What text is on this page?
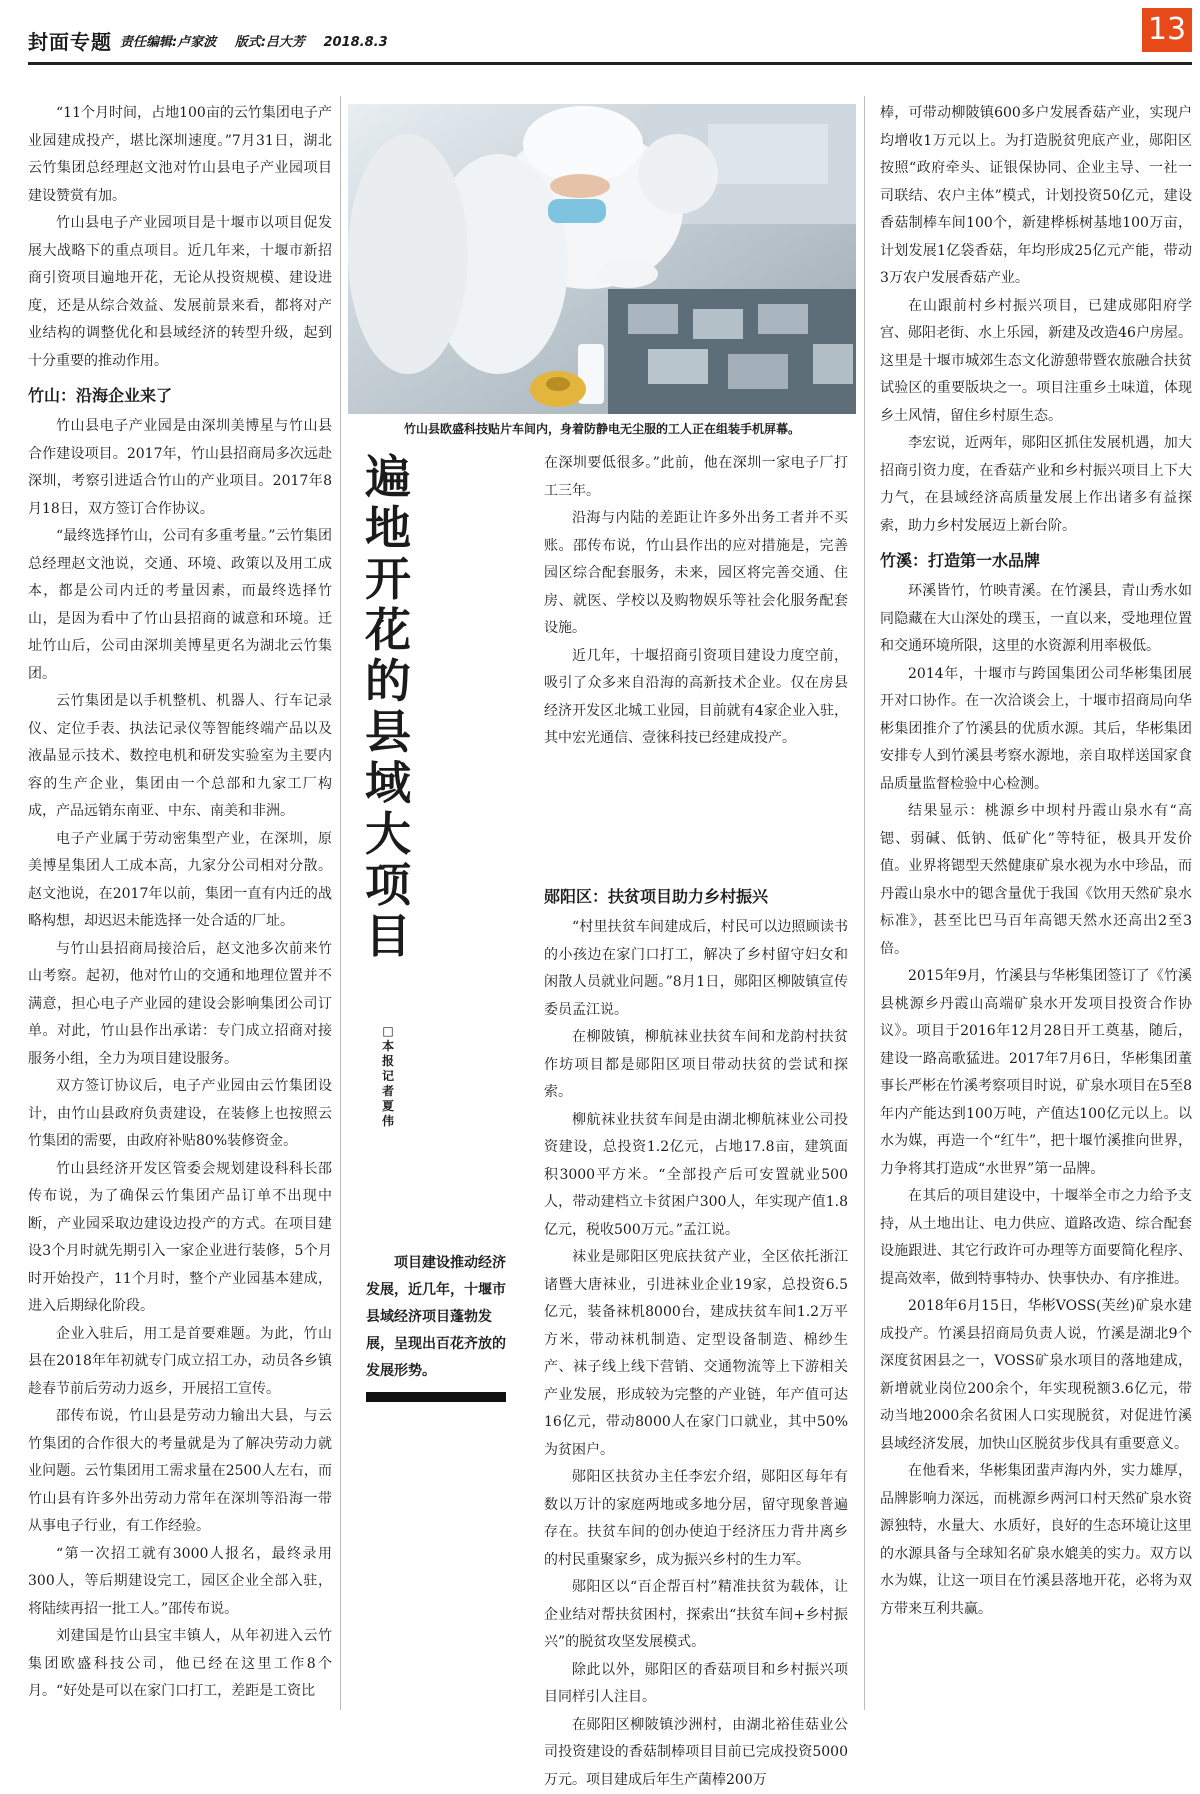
封面专题 责任编辑:卢家波 版式:吕大芳 2018.8.3	13

“11个月时间，占地100亩的云竹集团电子产业园建成投产，堪比深圳速度。”7月31日，湖北云竹集团总经理赵文池对竹山县电子产业园项目建设赞赏有加。

竹山县电子产业园项目是十堰市以项目促发展大战略下的重点项目。近几年来，十堰市新招商引资项目遍地开花，无论从投资规模、建设进度，还是从综合效益、发展前景来看，都将对产业结构的调整优化和县域经济的转型升级，起到十分重要的推动作用。

竹山：沿海企业来了

竹山县电子产业园是由深圳美博星与竹山县合作建设项目。2017年，竹山县招商局多次远赴深圳，考察引进适合竹山的产业项目。2017年8月18日，双方签订合作协议。

“最终选择竹山，公司有多重考量。”云竹集团总经理赵文池说，交通、环境、政策以及用工成本，都是公司内迁的考量因素，而最终选择竹山，是因为看中了竹山县招商的诚意和环境。迁址竹山后，公司由深圳美博星更名为湖北云竹集团。

云竹集团是以手机整机、机器人、行车记录仪、定位手表、执法记录仪等智能终端产品以及液晶显示技术、数控电机和研发实验室为主要内容的生产企业，集团由一个总部和九家工厂构成，产品远销东南亚、中东、南美和非洲。

电子产业属于劳动密集型产业，在深圳，原美博星集团人工成本高，九家分公司相对分散。赵文池说，在2017年以前，集团一直有内迁的战略构想，却迟迟未能选择一处合适的厂址。

与竹山县招商局接洽后，赵文池多次前来竹山考察。起初，他对竹山的交通和地理位置并不满意，担心电子产业园的建设会影响集团公司订单。对此，竹山县作出承诺：专门成立招商对接服务小组，全力为项目建设服务。

双方签订协议后，电子产业园由云竹集团设计，由竹山县政府负责建设，在装修上也按照云竹集团的需要，由政府补贴80%装修资金。

竹山县经济开发区管委会规划建设科科长邵传布说，为了确保云竹集团产品订单不出现中断，产业园采取边建设边投产的方式。在项目建设3个月时就先期引入一家企业进行装修，5个月时开始投产，11个月时，整个产业园基本建成，进入后期绿化阶段。

企业入驻后，用工是首要难题。为此，竹山县在2018年年初就专门成立招工办，动员各乡镇趁春节前后劳动力返乡，开展招工宣传。

邵传布说，竹山县是劳动力输出大县，与云竹集团的合作很大的考量就是为了解决劳动力就业问题。云竹集团用工需求量在2500人左右，而竹山县有许多外出劳动力常年在深圳等沿海一带从事电子行业，有工作经验。

“第一次招工就有3000人报名，最终录用300人，等后期建设完工，园区企业全部入驻，将陆续再招一批工人。”邵传布说。

刘建国是竹山县宝丰镇人，从年初进入云竹集团欧盛科技公司，他已经在这里工作8个月。“好处是可以在家门口打工，差距是工资比

竹山县欧盛科技贴片车间内，身着防静电无尘服的工人正在组装手机屏幕。
遍地开花的县域大项目
□本报记者 夏伟

项目建设推动经济发展，近几年，十堰市县域经济项目蓬勃发展，呈现出百花齐放的发展形势。

在深圳要低很多。”此前，他在深圳一家电子厂打工三年。

沿海与内陆的差距让许多外出务工者并不买账。邵传布说，竹山县作出的应对措施是，完善园区综合配套服务，未来，园区将完善交通、住房、就医、学校以及购物娱乐等社会化服务配套设施。

近几年，十堰招商引资项目建设力度空前，吸引了众多来自沿海的高新技术企业。仅在房县经济开发区北城工业园，目前就有4家企业入驻，其中宏光通信、壹徕科技已经建成投产。

郧阳区：扶贫项目助力乡村振兴

“村里扶贫车间建成后，村民可以边照顾读书的小孩边在家门口打工，解决了乡村留守妇女和闲散人员就业问题。”8月1日，郧阳区柳陂镇宣传委员孟江说。

在柳陂镇，柳航袜业扶贫车间和龙韵村扶贫作坊项目都是郧阳区项目带动扶贫的尝试和探索。

柳航袜业扶贫车间是由湖北柳航袜业公司投资建设，总投资1.2亿元，占地17.8亩，建筑面积3000平方米。“全部投产后可安置就业500人，带动建档立卡贫困户300人，年实现产值1.8亿元，税收500万元。”孟江说。

袜业是郧阳区兜底扶贫产业，全区依托浙江诸暨大唐袜业，引进袜业企业19家，总投资6.5亿元，装备袜机8000台，建成扶贫车间1.2万平方米，带动袜机制造、定型设备制造、棉纱生产、袜子线上线下营销、交通物流等上下游相关产业发展，形成较为完整的产业链，年产值可达16亿元，带动8000人在家门口就业，其中50%为贫困户。

郧阳区扶贫办主任李宏介绍，郧阳区每年有数以万计的家庭两地或多地分居，留守现象普遍存在。扶贫车间的创办使迫于经济压力背井离乡的村民重聚家乡，成为振兴乡村的生力军。

郧阳区以“百企帮百村”精准扶贫为载体，让企业结对帮扶贫困村，探索出“扶贫车间+乡村振兴”的脱贫攻坚发展模式。

除此以外，郧阳区的香菇项目和乡村振兴项目同样引人注目。

在郧阳区柳陂镇沙洲村，由湖北裕佳菇业公司投资建设的香菇制棒项目目前已完成投资5000万元。项目建成后年生产菌棒200万

棒，可带动柳陂镇600多户发展香菇产业，实现户均增收1万元以上。为打造脱贫兜底产业，郧阳区按照“政府牵头、证银保协同、企业主导、一社一司联结、农户主体”模式，计划投资50亿元，建设香菇制棒车间100个，新建桦栎树基地100万亩，计划发展1亿袋香菇，年均形成25亿元产能，带动3万农户发展香菇产业。

在山跟前村乡村振兴项目，已建成郧阳府学宫、郧阳老街、水上乐园，新建及改造46户房屋。这里是十堰市城郊生态文化游憩带暨农旅融合扶贫试验区的重要版块之一。项目注重乡土味道，体现乡土风情，留住乡村原生态。

李宏说，近两年，郧阳区抓住发展机遇，加大招商引资力度，在香菇产业和乡村振兴项目上下大力气，在县域经济高质量发展上作出诸多有益探索，助力乡村发展迈上新台阶。

竹溪：打造第一水品牌

环溪皆竹，竹映青溪。在竹溪县，青山秀水如同隐藏在大山深处的璞玉，一直以来，受地理位置和交通环境所限，这里的水资源利用率极低。

2014年，十堰市与跨国集团公司华彬集团展开对口协作。在一次洽谈会上，十堰市招商局向华彬集团推介了竹溪县的优质水源。其后，华彬集团安排专人到竹溪县考察水源地，亲自取样送国家食品质量监督检验中心检测。

结果显示：桃源乡中坝村丹霞山泉水有“高锶、弱碱、低钠、低矿化”等特征，极具开发价值。业界将锶型天然健康矿泉水视为水中珍品，而丹霞山泉水中的锶含量优于我国《饮用天然矿泉水标准》，甚至比巴马百年高锶天然水还高出2至3倍。

2015年9月，竹溪县与华彬集团签订了《竹溪县桃源乡丹霞山高端矿泉水开发项目投资合作协议》。项目于2016年12月28日开工奠基，随后，建设一路高歌猛进。2017年7月6日，华彬集团董事长严彬在竹溪考察项目时说，矿泉水项目在5至8年内产能达到100万吨，产值达100亿元以上。以水为媒，再造一个“红牛”，把十堰竹溪推向世界，力争将其打造成“水世界”第一品牌。

在其后的项目建设中，十堰举全市之力给予支持，从土地出让、电力供应、道路改造、综合配套设施跟进、其它行政许可办理等方面要简化程序、提高效率，做到特事特办、快事快办、有序推进。

2018年6月15日，华彬VOSS(芙丝)矿泉水建成投产。竹溪县招商局负责人说，竹溪是湖北9个深度贫困县之一，VOSS矿泉水项目的落地建成，新增就业岗位200余个，年实现税额3.6亿元，带动当地2000余名贫困人口实现脱贫，对促进竹溪县域经济发展，加快山区脱贫步伐具有重要意义。

在他看来，华彬集团蜚声海内外，实力雄厚，品牌影响力深远，而桃源乡两河口村天然矿泉水资源独特，水量大、水质好，良好的生态环境让这里的水源具备与全球知名矿泉水媲美的实力。双方以水为媒，让这一项目在竹溪县落地开花，必将为双方带来互利共赢。
